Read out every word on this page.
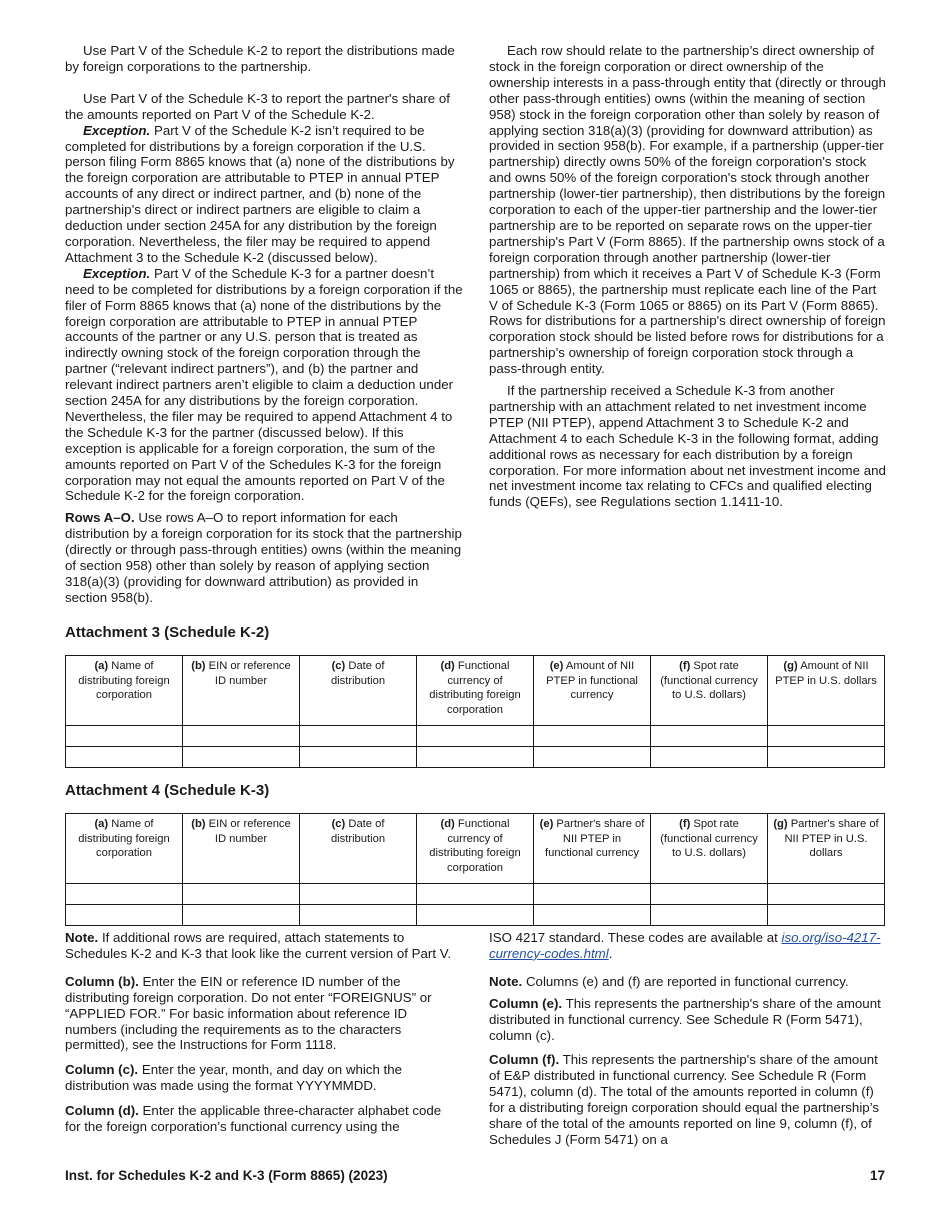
Use Part V of the Schedule K-2 to report the distributions made by foreign corporations to the partnership.

Use Part V of the Schedule K-3 to report the partner's share of the amounts reported on Part V of the Schedule K-2.

Exception. Part V of the Schedule K-2 isn’t required to be completed for distributions by a foreign corporation if the U.S. person filing Form 8865 knows that (a) none of the distributions by the foreign corporation are attributable to PTEP in annual PTEP accounts of any direct or indirect partner, and (b) none of the partnership’s direct or indirect partners are eligible to claim a deduction under section 245A for any distribution by the foreign corporation. Nevertheless, the filer may be required to append Attachment 3 to the Schedule K-2 (discussed below).

Exception. Part V of the Schedule K-3 for a partner doesn’t need to be completed for distributions by a foreign corporation if the filer of Form 8865 knows that (a) none of the distributions by the foreign corporation are attributable to PTEP in annual PTEP accounts of the partner or any U.S. person that is treated as indirectly owning stock of the foreign corporation through the partner (“relevant indirect partners”), and (b) the partner and relevant indirect partners aren’t eligible to claim a deduction under section 245A for any distributions by the foreign corporation. Nevertheless, the filer may be required to append Attachment 4 to the Schedule K-3 for the partner (discussed below). If this exception is applicable for a foreign corporation, the sum of the amounts reported on Part V of the Schedules K-3 for the foreign corporation may not equal the amounts reported on Part V of the Schedule K-2 for the foreign corporation.

Rows A–O. Use rows A–O to report information for each distribution by a foreign corporation for its stock that the partnership (directly or through pass-through entities) owns (within the meaning of section 958) other than solely by reason of applying section 318(a)(3) (providing for downward attribution) as provided in section 958(b).

Each row should relate to the partnership’s direct ownership of stock in the foreign corporation or direct ownership of the ownership interests in a pass-through entity that (directly or through other pass-through entities) owns (within the meaning of section 958) stock in the foreign corporation other than solely by reason of applying section 318(a)(3) (providing for downward attribution) as provided in section 958(b). For example, if a partnership (upper-tier partnership) directly owns 50% of the foreign corporation's stock and owns 50% of the foreign corporation's stock through another partnership (lower-tier partnership), then distributions by the foreign corporation to each of the upper-tier partnership and the lower-tier partnership are to be reported on separate rows on the upper-tier partnership's Part V (Form 8865). If the partnership owns stock of a foreign corporation through another partnership (lower-tier partnership) from which it receives a Part V of Schedule K-3 (Form 1065 or 8865), the partnership must replicate each line of the Part V of Schedule K-3 (Form 1065 or 8865) on its Part V (Form 8865). Rows for distributions for a partnership's direct ownership of foreign corporation stock should be listed before rows for distributions for a partnership’s ownership of foreign corporation stock through a pass-through entity.

If the partnership received a Schedule K-3 from another partnership with an attachment related to net investment income PTEP (NII PTEP), append Attachment 3 to Schedule K-2 and Attachment 4 to each Schedule K-3 in the following format, adding additional rows as necessary for each distribution by a foreign corporation. For more information about net investment income and net investment income tax relating to CFCs and qualified electing funds (QEFs), see Regulations section 1.1411-10.

Attachment 3 (Schedule K-2)
(a) Name of distributing foreign corporation	(b) EIN or reference ID number	(c) Date of distribution	(d) Functional currency of distributing foreign corporation	(e) Amount of NII PTEP in functional currency	(f) Spot rate (functional currency to U.S. dollars)	(g) Amount of NII PTEP in U.S. dollars

Attachment 4 (Schedule K-3)
(a) Name of distributing foreign corporation	(b) EIN or reference ID number	(c) Date of distribution	(d) Functional currency of distributing foreign corporation	(e) Partner's share of NII PTEP in functional currency	(f) Spot rate (functional currency to U.S. dollars)	(g) Partner's share of NII PTEP in U.S. dollars

Note. If additional rows are required, attach statements to Schedules K-2 and K-3 that look like the current version of Part V.

Column (b). Enter the EIN or reference ID number of the distributing foreign corporation. Do not enter “FOREIGNUS” or “APPLIED FOR.” For basic information about reference ID numbers (including the requirements as to the characters permitted), see the Instructions for Form 1118.

Column (c). Enter the year, month, and day on which the distribution was made using the format YYYYMMDD.

Column (d). Enter the applicable three-character alphabet code for the foreign corporation’s functional currency using the

ISO 4217 standard. These codes are available at iso.org/iso-4217-currency-codes.html.

Note. Columns (e) and (f) are reported in functional currency.

Column (e). This represents the partnership's share of the amount distributed in functional currency. See Schedule R (Form 5471), column (c).

Column (f). This represents the partnership's share of the amount of E&P distributed in functional currency. See Schedule R (Form 5471), column (d). The total of the amounts reported in column (f) for a distributing foreign corporation should equal the partnership’s share of the total of the amounts reported on line 9, column (f), of Schedules J (Form 5471) on a

Inst. for Schedules K-2 and K-3 (Form 8865) (2023)	17
